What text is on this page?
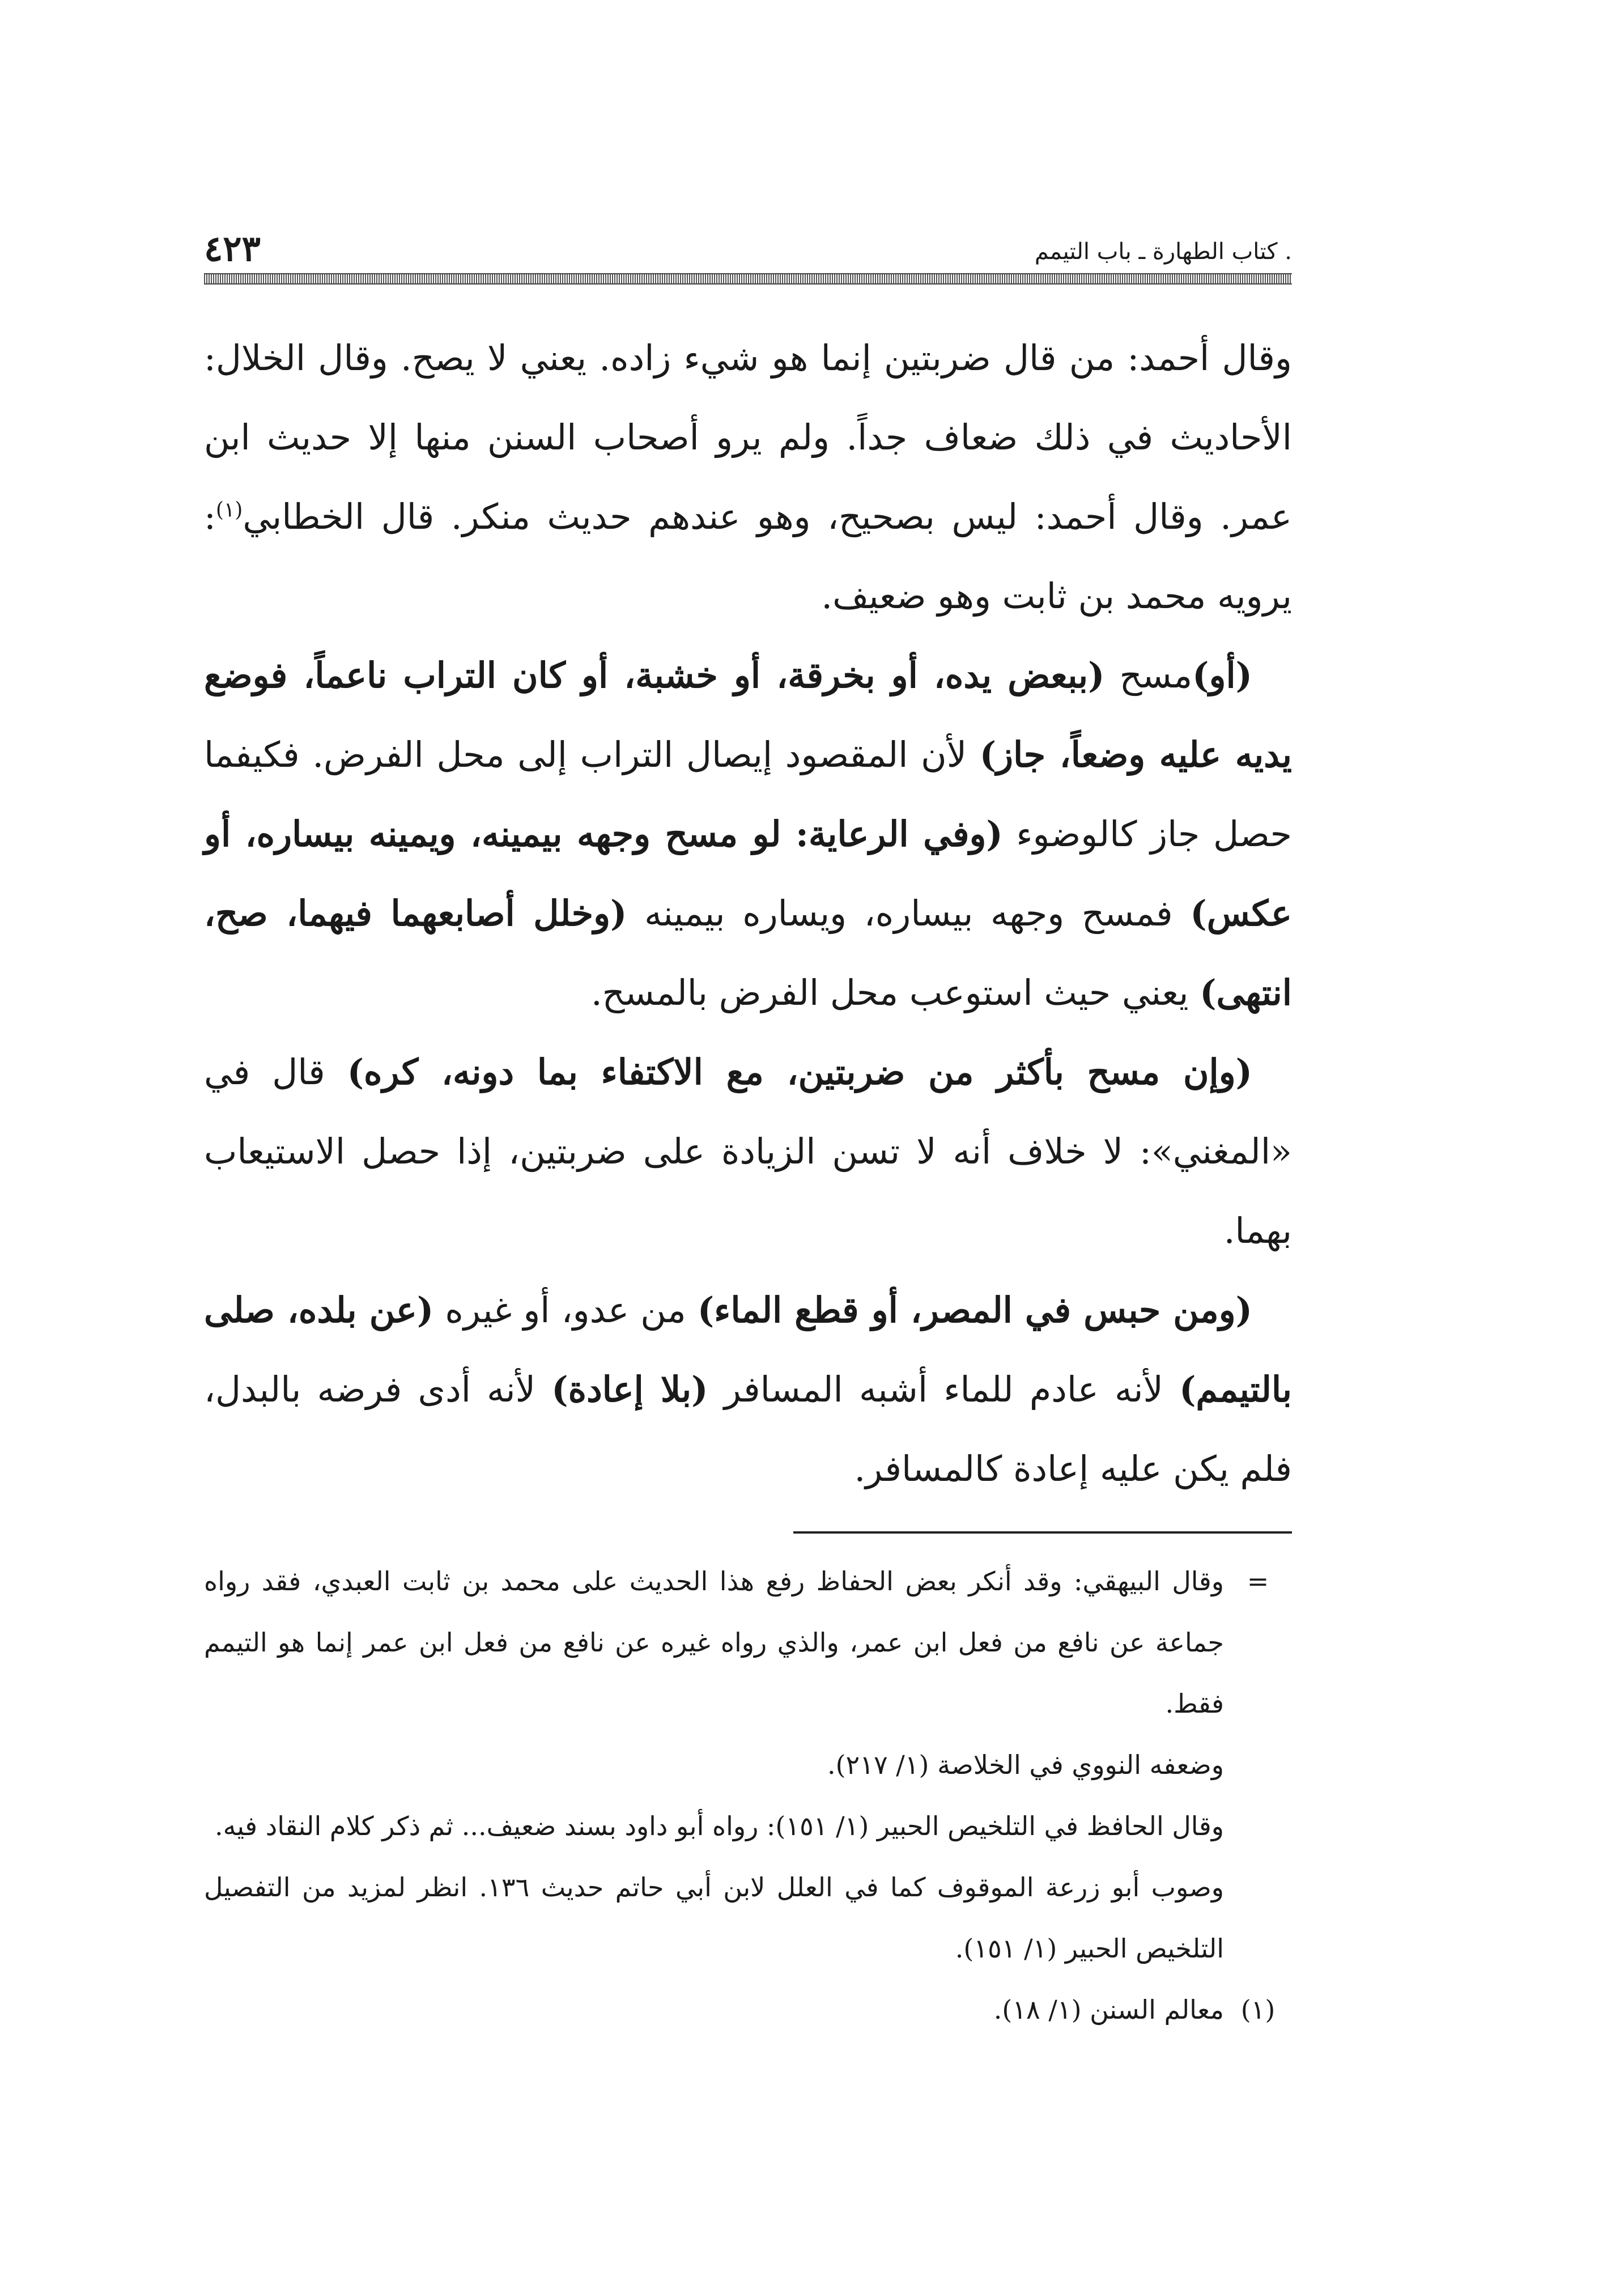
. كتاب الطهارة ـ باب التيمم
٤٢٣

وقال أحمد: من قال ضربتين إنما هو شيء زاده. يعني لا يصح. وقال الخلال: الأحاديث في ذلك ضعاف جداً. ولم يرو أصحاب السنن منها إلا حديث ابن عمر. وقال أحمد: ليس بصحيح، وهو عندهم حديث منكر. قال الخطابي$^{(١)}$: يرويه محمد بن ثابت وهو ضعيف.

(أو)مسح (ببعض يده، أو بخرقة، أو خشبة، أو كان التراب ناعماً، فوضع يديه عليه وضعاً، جاز) لأن المقصود إيصال التراب إلى محل الفرض. فكيفما حصل جاز كالوضوء (وفي الرعاية: لو مسح وجهه بيمينه، ويمينه بيساره، أو عكس) فمسح وجهه بيساره، ويساره بيمينه (وخلل أصابعهما فيهما، صح، انتهى) يعني حيث استوعب محل الفرض بالمسح.

(وإن مسح بأكثر من ضربتين، مع الاكتفاء بما دونه، كره) قال في «المغني»: لا خلاف أنه لا تسن الزيادة على ضربتين، إذا حصل الاستيعاب بهما.

(ومن حبس في المصر، أو قطع الماء) من عدو، أو غيره (عن بلده، صلى بالتيمم) لأنه عادم للماء أشبه المسافر (بلا إعادة) لأنه أدى فرضه بالبدل، فلم يكن عليه إعادة كالمسافر.

=

وقال البيهقي: وقد أنكر بعض الحفاظ رفع هذا الحديث على محمد بن ثابت العبدي، فقد رواه جماعة عن نافع من فعل ابن عمر، والذي رواه غيره عن نافع من فعل ابن عمر إنما هو التيمم فقط.

وضعفه النووي في الخلاصة (١/ ٢١٧).

وقال الحافظ في التلخيص الحبير (١/ ١٥١): رواه أبو داود بسند ضعيف... ثم ذكر كلام النقاد فيه.

وصوب أبو زرعة الموقوف كما في العلل لابن أبي حاتم حديث ١٣٦. انظر لمزيد من التفصيل التلخيص الحبير (١/ ١٥١).

(١)
معالم السنن (١/ ١٨).
